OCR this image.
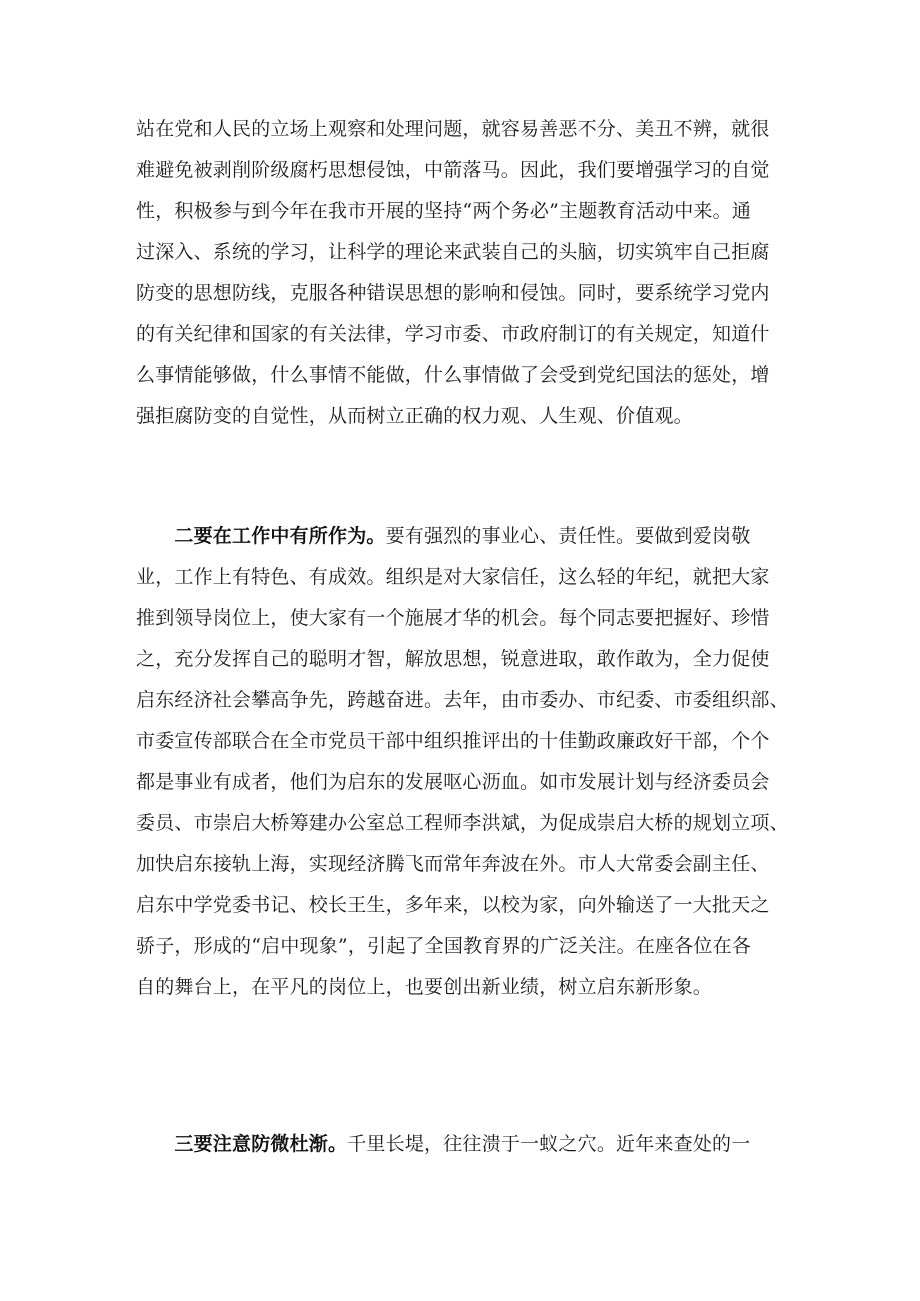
站在党和人民的立场上观察和处理问题，就容易善恶不分、美丑不辨，就很
难避免被剥削阶级腐朽思想侵蚀，中箭落马。因此，我们要增强学习的自觉
性，积极参与到今年在我市开展的坚持“两个务必”主题教育活动中来。通
过深入、系统的学习，让科学的理论来武装自己的头脑，切实筑牢自己拒腐
防变的思想防线，克服各种错误思想的影响和侵蚀。同时，要系统学习党内
的有关纪律和国家的有关法律，学习市委、市政府制订的有关规定，知道什
么事情能够做，什么事情不能做，什么事情做了会受到党纪国法的惩处，增
强拒腐防变的自觉性，从而树立正确的权力观、人生观、价值观。
　　二要在工作中有所作为。要有强烈的事业心、责任性。要做到爱岗敬
业，工作上有特色、有成效。组织是对大家信任，这么轻的年纪，就把大家
推到领导岗位上，使大家有一个施展才华的机会。每个同志要把握好、珍惜
之，充分发挥自己的聪明才智，解放思想，锐意进取，敢作敢为，全力促使
启东经济社会攀高争先，跨越奋进。去年，由市委办、市纪委、市委组织部、
市委宣传部联合在全市党员干部中组织推评出的十佳勤政廉政好干部，个个
都是事业有成者，他们为启东的发展呕心沥血。如市发展计划与经济委员会
委员、市崇启大桥筹建办公室总工程师李洪斌，为促成崇启大桥的规划立项、
加快启东接轨上海，实现经济腾飞而常年奔波在外。市人大常委会副主任、
启东中学党委书记、校长王生，多年来，以校为家，向外输送了一大批天之
骄子，形成的“启中现象”，引起了全国教育界的广泛关注。在座各位在各
自的舞台上，在平凡的岗位上，也要创出新业绩，树立启东新形象。
　　三要注意防微杜渐。千里长堤，往往溃于一蚁之穴。近年来查处的一
